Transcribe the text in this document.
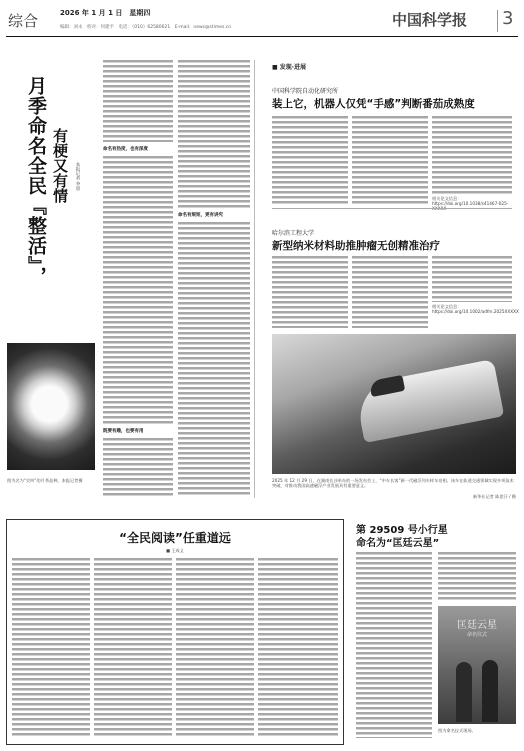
综合	2026 年 1 月 1 日　星期四
编辑：刘永　校对：何建平　电话：（010）62580621　E-mail：news@stimes.cn	中国科学报 3
月季命名全民『整活』， 有梗又有情 本报记者 李晨
图为名为“尖叫”的月季品种。本报记者摄
命名有热度，也有深度
既要有趣，也要有用
命名有规矩，更有讲究
■ 发现·进展
中国科学院自动化研究所
装上它，机器人仅凭“手感”判断番茄成熟度
相关论文信息：https://doi.org/10.1038/s41467-025-
哈尔滨工程大学
新型纳米材料助推肿瘤无创精准治疗
相关论文信息：https://doi.org/10.1002/adfm.2025XXXXX
2025 年 12 月 29 日，在湖南长沙举办的一场发布会上，“中车长客”新一代磁浮列车样车亮相。该车在轨道交通领域实现多项技术突破，对推动我国高速磁浮产业发展具有重要意义。
新华社记者 陈思汗 / 摄
“全民阅读”任重道远
■ 王成义
第 29509 号小行星
命名为“匡廷云星”
匡廷云星
命名仪式
图为命名仪式现场。
